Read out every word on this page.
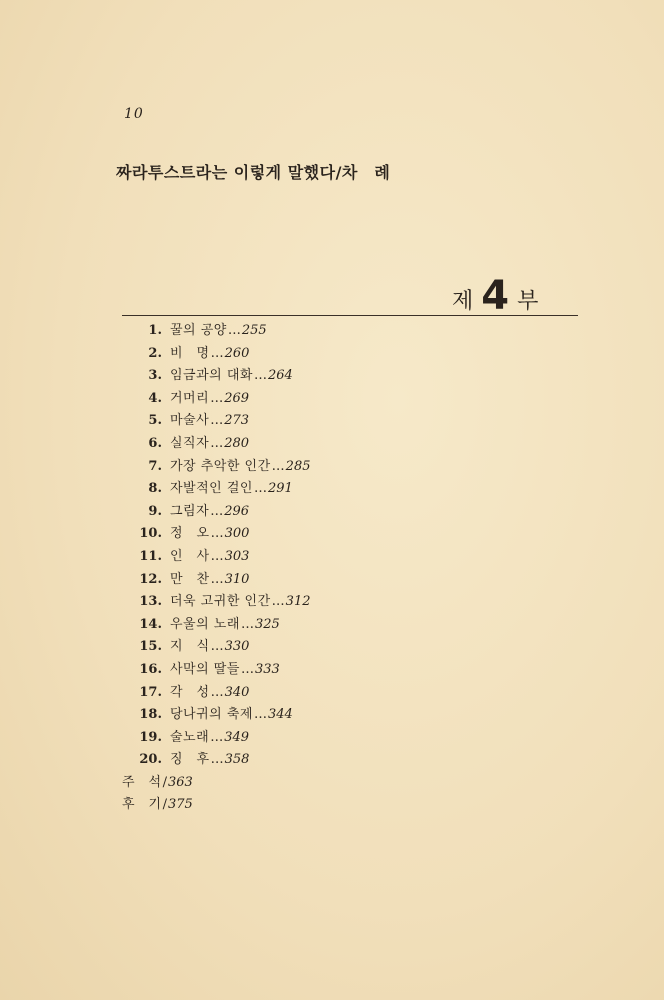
10
짜라투스트라는 이렇게 말했다/차　례
제 4 부
1. 꿀의 공양 … 255
2. 비　명 … 260
3. 임금과의 대화 … 264
4. 거머리 … 269
5. 마술사 … 273
6. 실직자 … 280
7. 가장 추악한 인간 … 285
8. 자발적인 걸인 … 291
9. 그림자 … 296
10. 정　오 … 300
11. 인　사 … 303
12. 만　찬 … 310
13. 더욱 고귀한 인간 … 312
14. 우울의 노래 … 325
15. 지　식 … 330
16. 사막의 딸들 … 333
17. 각　성 … 340
18. 당나귀의 축제 … 344
19. 술노래 … 349
20. 징　후 … 358
주　석 / 363
후　기 / 375
